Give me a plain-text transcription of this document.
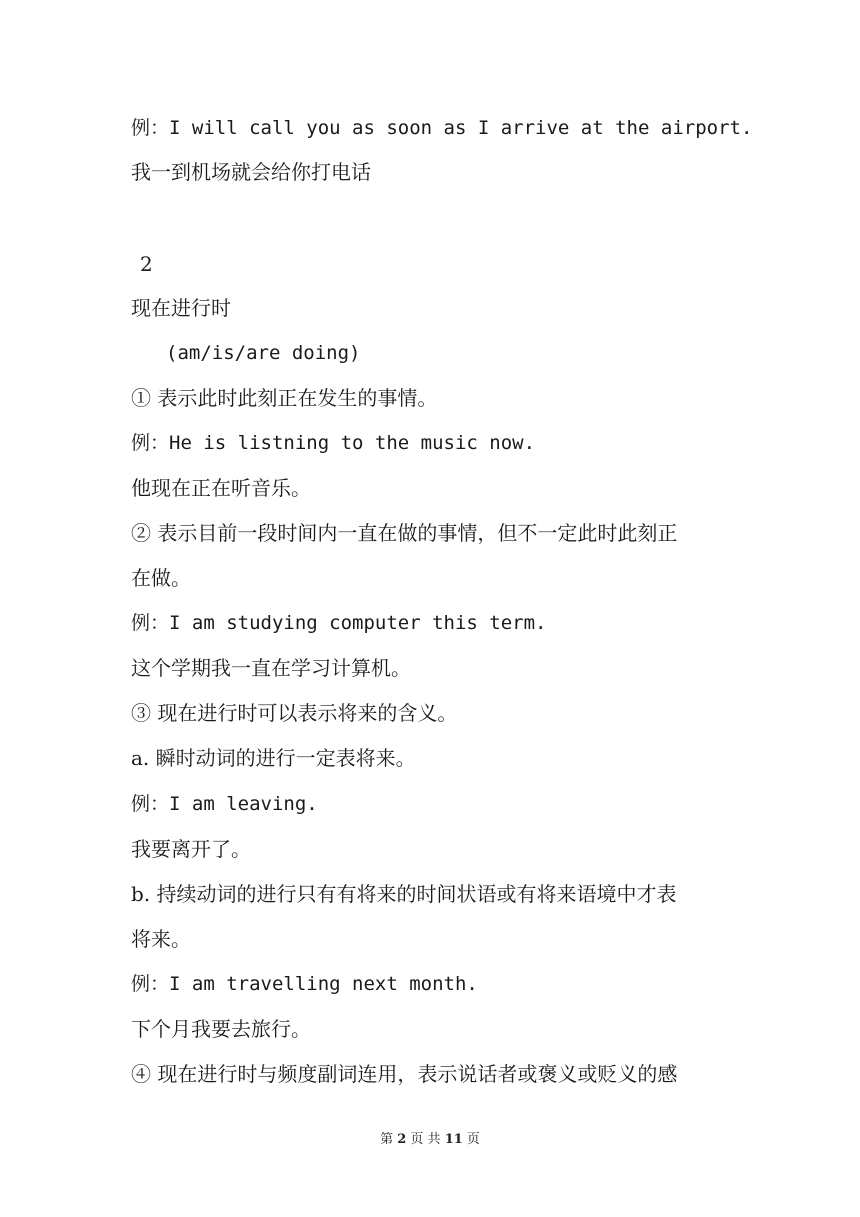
例：I will call you as soon as I arrive at the airport.
我一到机场就会给你打电话
2
现在进行时
(am/is/are doing)
① 表示此时此刻正在发生的事情。
例：He is listning to the music now.
他现在正在听音乐。
② 表示目前一段时间内一直在做的事情，但不一定此时此刻正
在做。
例：I am studying computer this term.
这个学期我一直在学习计算机。
③ 现在进行时可以表示将来的含义。
a. 瞬时动词的进行一定表将来。
例：I am leaving.
我要离开了。
b. 持续动词的进行只有有将来的时间状语或有将来语境中才表
将来。
例：I am travelling next month.
下个月我要去旅行。
④ 现在进行时与频度副词连用，表示说话者或褒义或贬义的感
第 2 页 共 11 页
